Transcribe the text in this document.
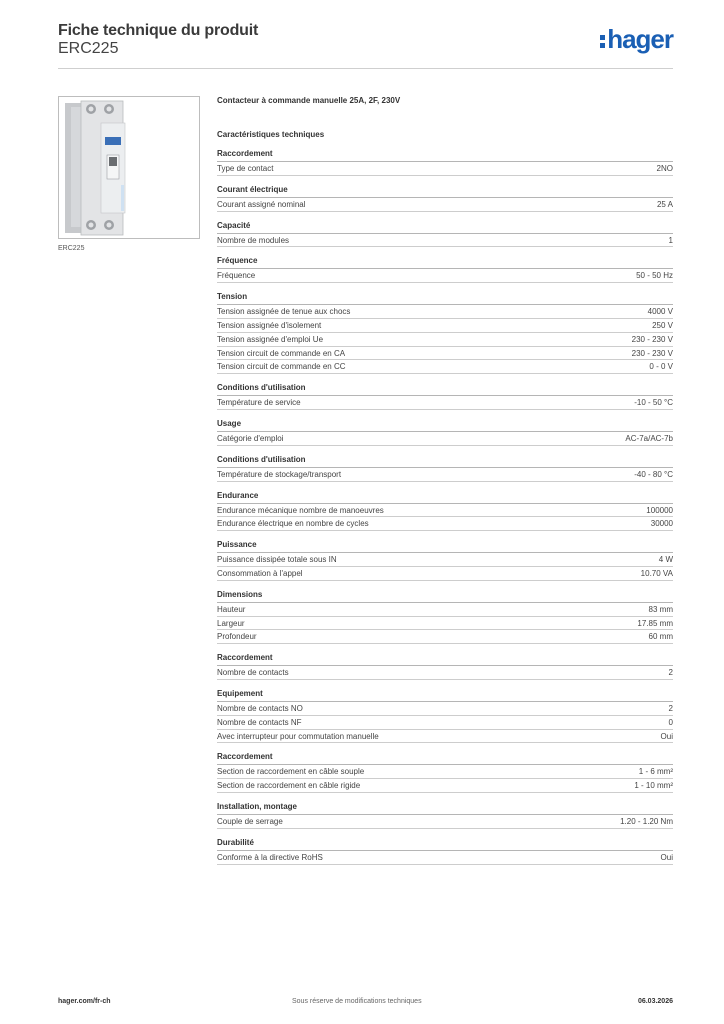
Fiche technique du produit
ERC225	hager
ERC225
Contacteur à commande manuelle 25A, 2F, 230V
Caractéristiques techniques
Raccordement
Type de contact	2NO
Courant électrique
Courant assigné nominal	25 A
Capacité
Nombre de modules	1
Fréquence
Fréquence	50 - 50 Hz
Tension
Tension assignée de tenue aux chocs	4000 V
Tension assignée d'isolement	250 V
Tension assignée d'emploi Ue	230 - 230 V
Tension circuit de commande en CA	230 - 230 V
Tension circuit de commande en CC	0 - 0 V
Conditions d'utilisation
Température de service	-10 - 50 °C
Usage
Catégorie d'emploi	AC-7a/AC-7b
Conditions d'utilisation
Température de stockage/transport	-40 - 80 °C
Endurance
Endurance mécanique nombre de manoeuvres	100000
Endurance électrique en nombre de cycles	30000
Puissance
Puissance dissipée totale sous IN	4 W
Consommation à l'appel	10.70 VA
Dimensions
Hauteur	83 mm
Largeur	17.85 mm
Profondeur	60 mm
Raccordement
Nombre de contacts	2
Equipement
Nombre de contacts NO	2
Nombre de contacts NF	0
Avec interrupteur pour commutation manuelle	Oui
Raccordement
Section de raccordement en câble souple	1 - 6 mm²
Section de raccordement en câble rigide	1 - 10 mm²
Installation, montage
Couple de serrage	1.20 - 1.20 Nm
Durabilité
Conforme à la directive RoHS	Oui
hager.com/fr-ch	Sous réserve de modifications techniques	06.03.2026
